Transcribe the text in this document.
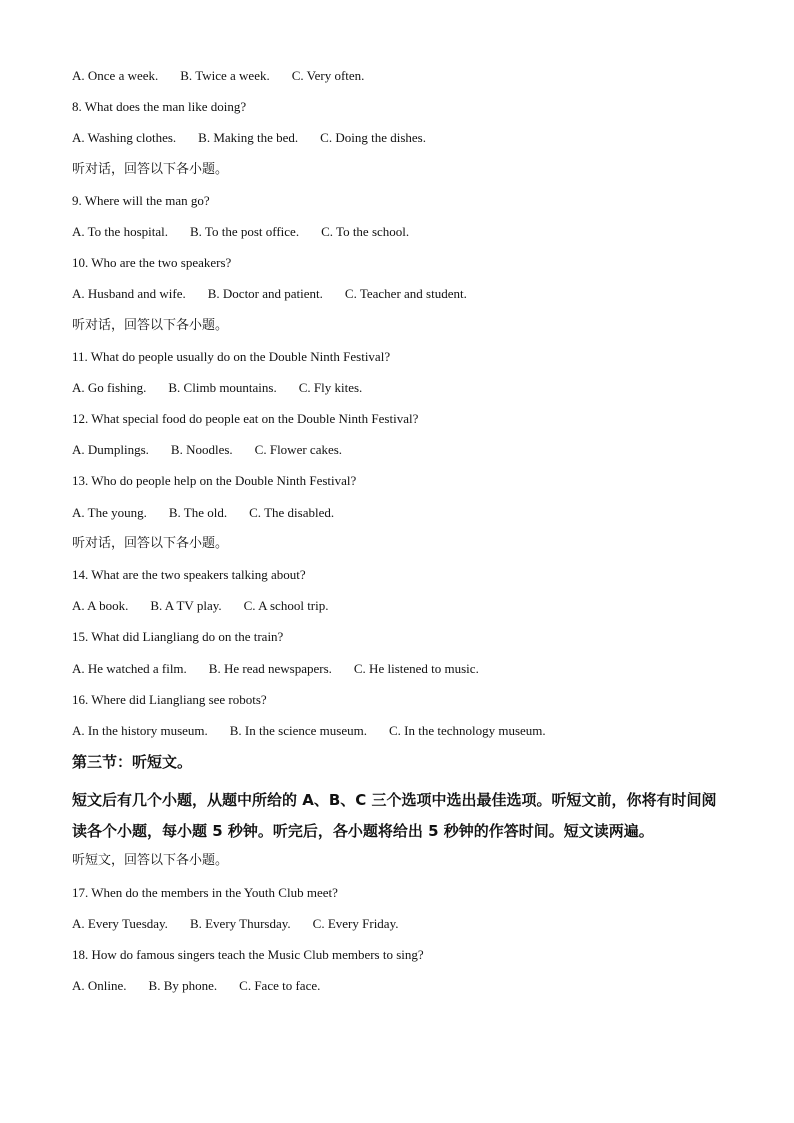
A. Once a week. B. Twice a week. C. Very often.
8. What does the man like doing?
A. Washing clothes. B. Making the bed. C. Doing the dishes.
听对话，回答以下各小题。
9. Where will the man go?
A. To the hospital. B. To the post office. C. To the school.
10. Who are the two speakers?
A. Husband and wife. B. Doctor and patient. C. Teacher and student.
听对话，回答以下各小题。
11. What do people usually do on the Double Ninth Festival?
A. Go fishing. B. Climb mountains. C. Fly kites.
12. What special food do people eat on the Double Ninth Festival?
A. Dumplings. B. Noodles. C. Flower cakes.
13. Who do people help on the Double Ninth Festival?
A. The young. B. The old. C. The disabled.
听对话，回答以下各小题。
14. What are the two speakers talking about?
A. A book. B. A TV play. C. A school trip.
15. What did Liangliang do on the train?
A. He watched a film. B. He read newspapers. C. He listened to music.
16. Where did Liangliang see robots?
A. In the history museum. B. In the science museum. C. In the technology museum.
第三节：听短文。
短文后有几个小题，从题中所给的 A、B、C 三个选项中选出最佳选项。听短文前，你将有时间阅读各个小题，每小题 5 秒钟。听完后，各小题将给出 5 秒钟的作答时间。短文读两遍。
听短文，回答以下各小题。
17. When do the members in the Youth Club meet?
A. Every Tuesday. B. Every Thursday. C. Every Friday.
18. How do famous singers teach the Music Club members to sing?
A. Online. B. By phone. C. Face to face.
